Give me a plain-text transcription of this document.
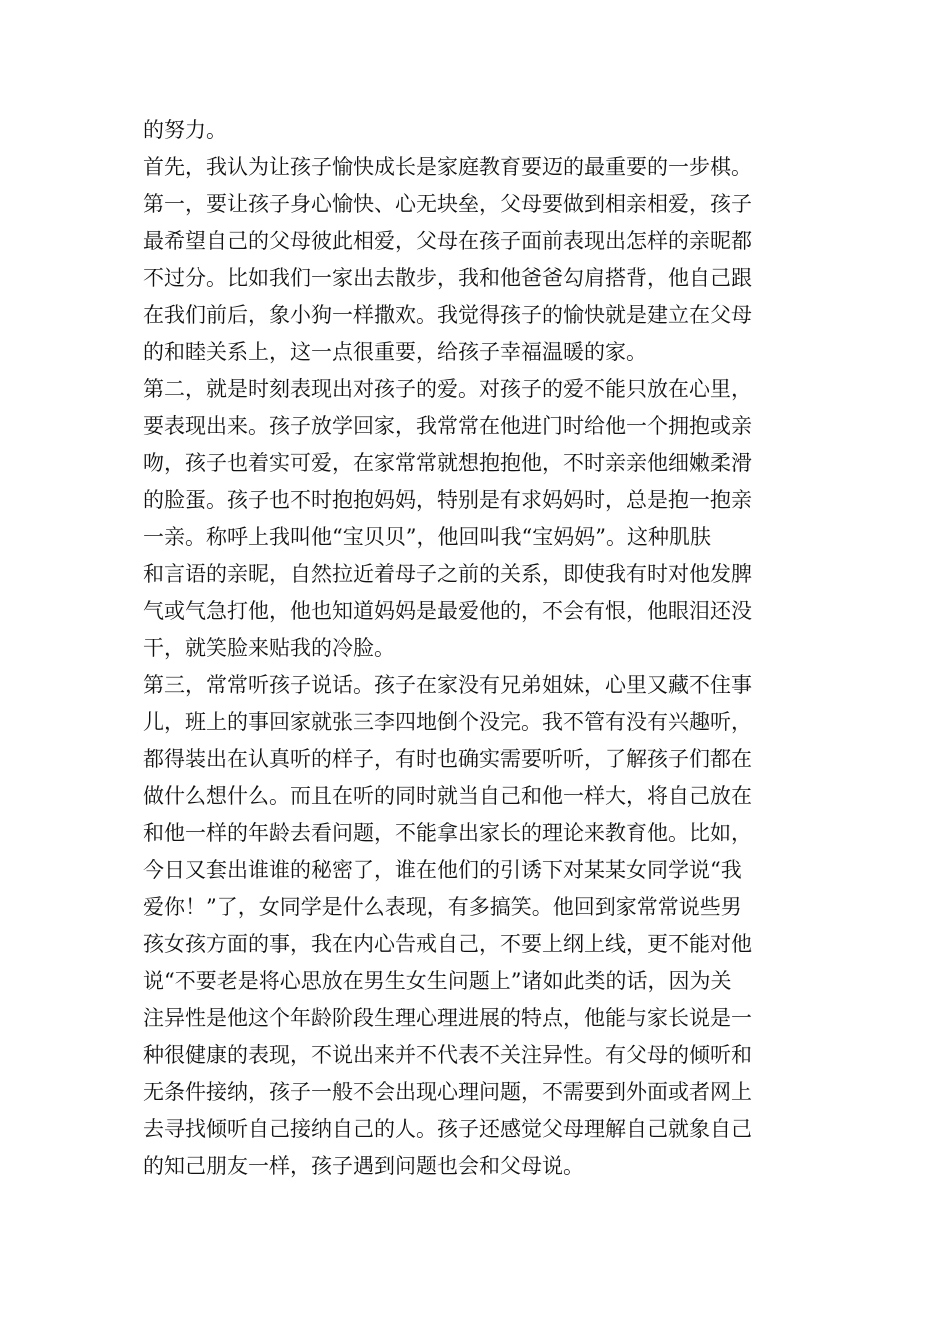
的努力。
首先，我认为让孩子愉快成长是家庭教育要迈的最重要的一步棋。
第一，要让孩子身心愉快、心无块垒，父母要做到相亲相爱，孩子
最希望自己的父母彼此相爱，父母在孩子面前表现出怎样的亲昵都
不过分。比如我们一家出去散步，我和他爸爸勾肩搭背，他自己跟
在我们前后，象小狗一样撒欢。我觉得孩子的愉快就是建立在父母
的和睦关系上，这一点很重要，给孩子幸福温暖的家。
第二，就是时刻表现出对孩子的爱。对孩子的爱不能只放在心里，
要表现出来。孩子放学回家，我常常在他进门时给他一个拥抱或亲
吻，孩子也着实可爱，在家常常就想抱抱他，不时亲亲他细嫩柔滑
的脸蛋。孩子也不时抱抱妈妈，特别是有求妈妈时，总是抱一抱亲
一亲。称呼上我叫他“宝贝贝”，他回叫我“宝妈妈”。这种肌肤
和言语的亲昵，自然拉近着母子之前的关系，即使我有时对他发脾
气或气急打他，他也知道妈妈是最爱他的，不会有恨，他眼泪还没
干，就笑脸来贴我的冷脸。
第三，常常听孩子说话。孩子在家没有兄弟姐妹，心里又藏不住事
儿，班上的事回家就张三李四地倒个没完。我不管有没有兴趣听，
都得装出在认真听的样子，有时也确实需要听听，了解孩子们都在
做什么想什么。而且在听的同时就当自己和他一样大，将自己放在
和他一样的年龄去看问题，不能拿出家长的理论来教育他。比如，
今日又套出谁谁的秘密了，谁在他们的引诱下对某某女同学说“我
爱你！”了，女同学是什么表现，有多搞笑。他回到家常常说些男
孩女孩方面的事，我在内心告戒自己，不要上纲上线，更不能对他
说“不要老是将心思放在男生女生问题上”诸如此类的话，因为关
注异性是他这个年龄阶段生理心理进展的特点，他能与家长说是一
种很健康的表现，不说出来并不代表不关注异性。有父母的倾听和
无条件接纳，孩子一般不会出现心理问题，不需要到外面或者网上
去寻找倾听自己接纳自己的人。孩子还感觉父母理解自己就象自己
的知己朋友一样，孩子遇到问题也会和父母说。
